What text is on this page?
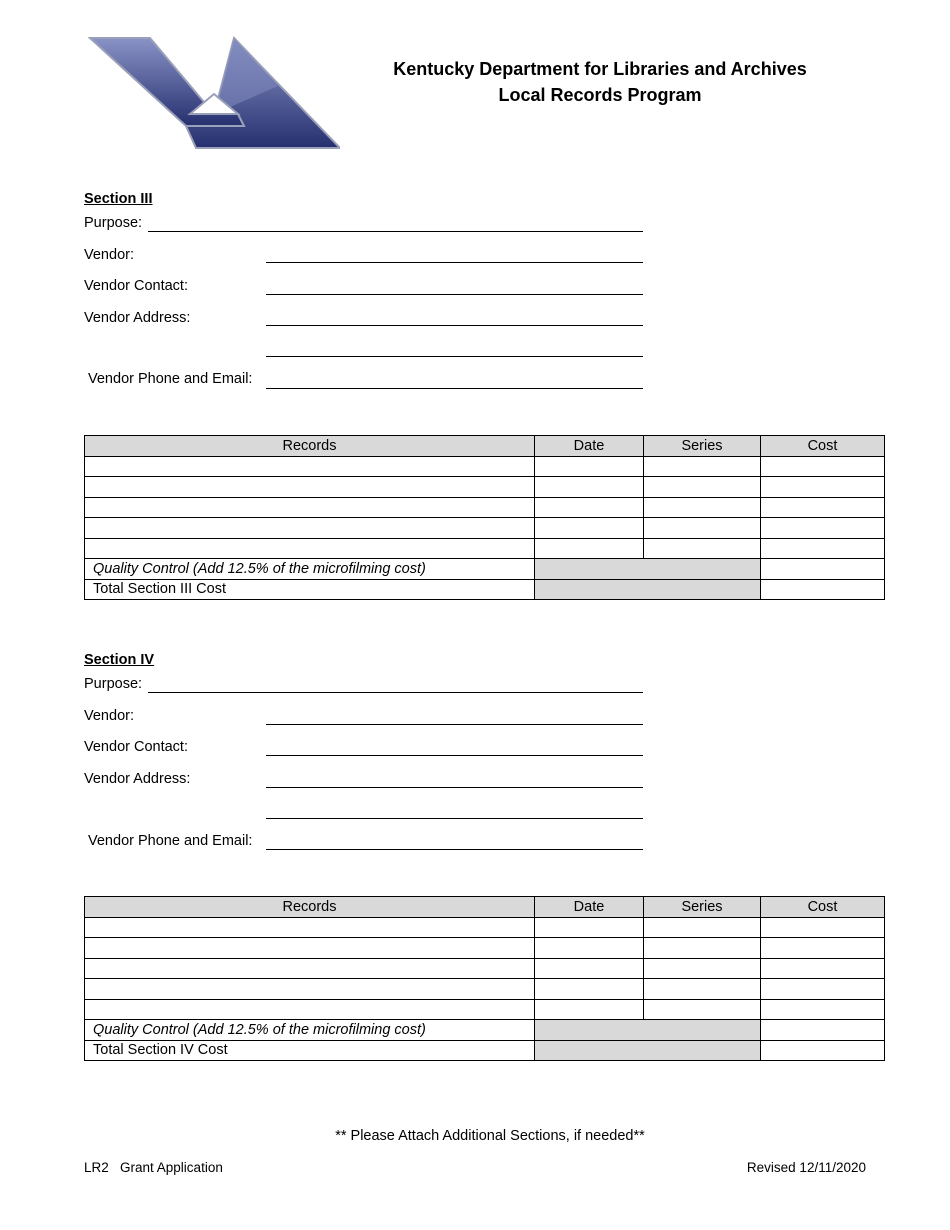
Kentucky Department for Libraries and Archives
Local Records Program
Section III
Purpose:
Vendor:
Vendor Contact:
Vendor Address:
Vendor Phone and Email:
Records	Date	Series	Cost

Quality Control (Add 12.5% of the microfilming cost)			
Total Section III Cost			
Section IV
Purpose:
Vendor:
Vendor Contact:
Vendor Address:
Vendor Phone and Email:
Records	Date	Series	Cost

Quality Control (Add 12.5% of the microfilming cost)			
Total Section IV Cost			
** Please Attach Additional Sections, if needed**
LR2   Grant Application	Revised 12/11/2020
